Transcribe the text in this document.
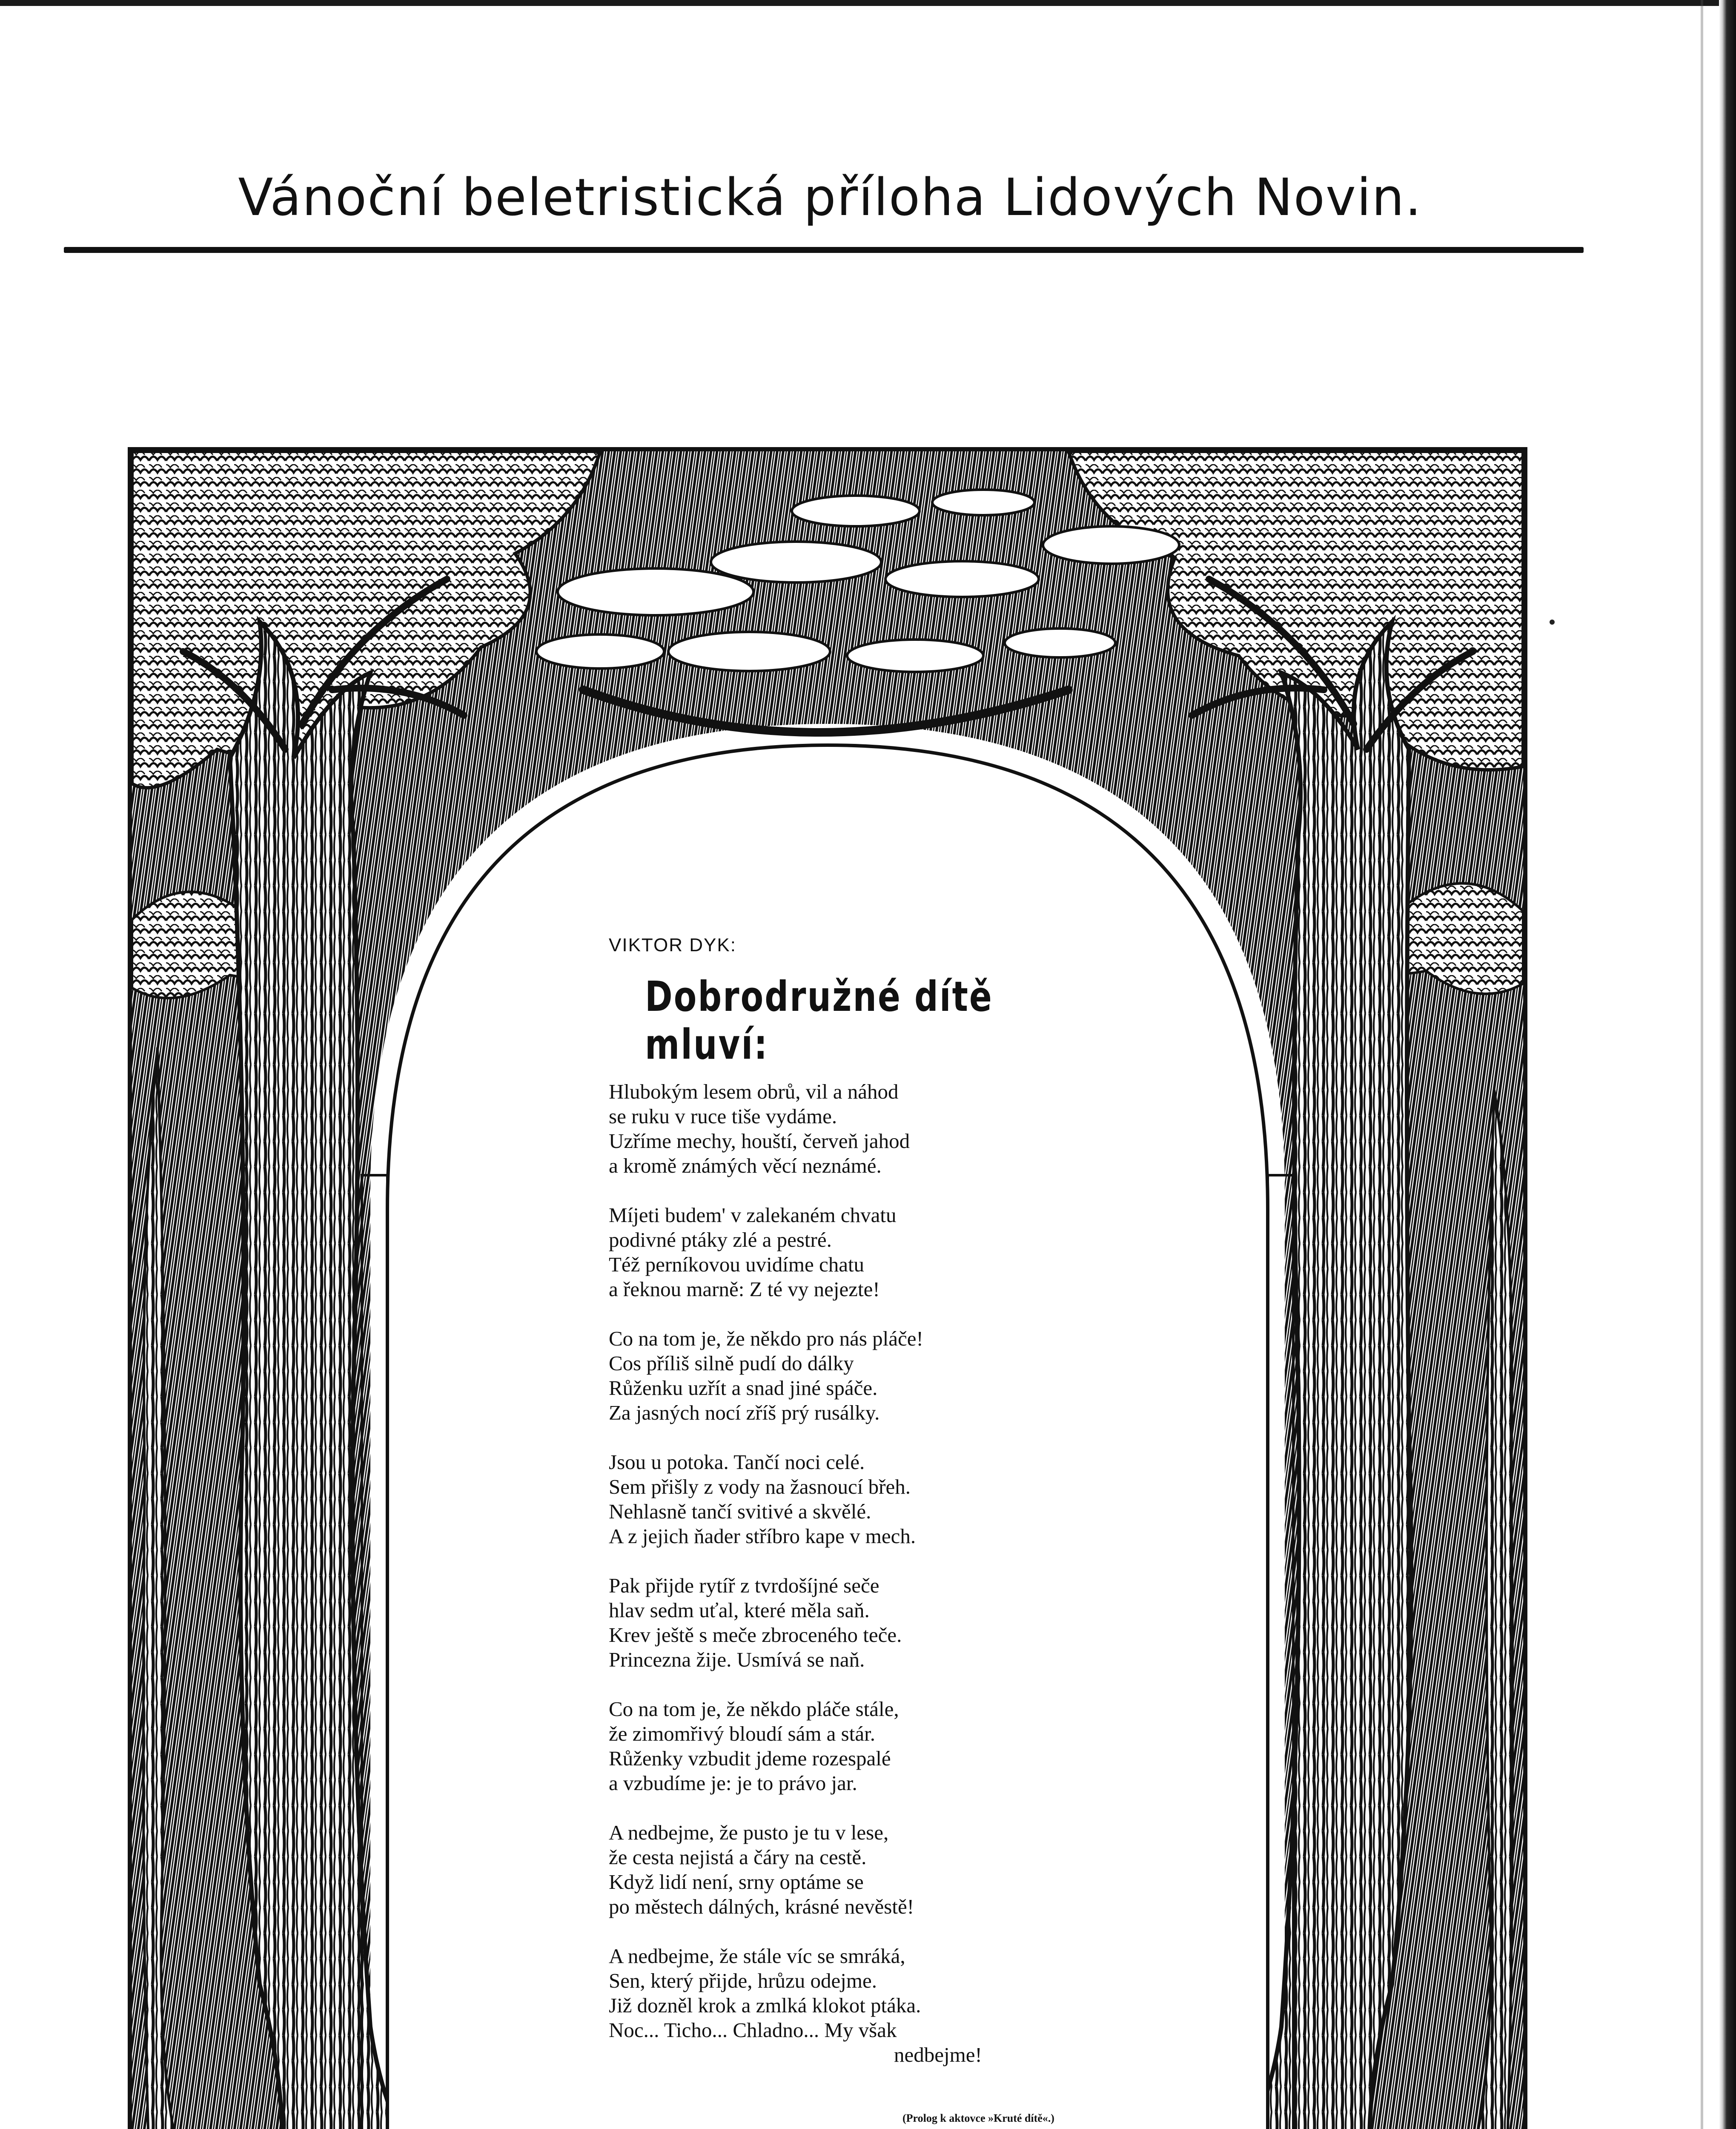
Vánoční beletristická příloha Lidových Novin.
VIKTOR DYK:
Dobrodružné dítě mluví:
Hlubokým lesem obrů, vil a náhod
se ruku v ruce tiše vydáme.
Uzříme mechy, houští, červeň jahod
a kromě známých věcí neznámé.
Míjeti budem' v zalekaném chvatu
podivné ptáky zlé a pestré.
Též perníkovou uvidíme chatu
a řeknou marně: Z té vy nejezte!
Co na tom je, že někdo pro nás pláče!
Cos příliš silně pudí do dálky
Růženku uzřít a snad jiné spáče.
Za jasných nocí zříš prý rusálky.
Jsou u potoka. Tančí noci celé.
Sem přišly z vody na žasnoucí břeh.
Nehlasně tančí svitivé a skvělé.
A z jejich ňader stříbro kape v mech.
Pak přijde rytíř z tvrdošíjné seče
hlav sedm uťal, které měla saň.
Krev ještě s meče zbroceného teče.
Princezna žije. Usmívá se naň.
Co na tom je, že někdo pláče stále,
že zimomřivý bloudí sám a stár.
Růženky vzbudit jdeme rozespalé
a vzbudíme je: je to právo jar.
A nedbejme, že pusto je tu v lese,
že cesta nejistá a čáry na cestě.
Když lidí není, srny optáme se
po městech dálných, krásné nevěstě!
A nedbejme, že stále víc se smráká,
Sen, který přijde, hrůzu odejme.
Již dozněl krok a zmlká klokot ptáka.
Noc... Ticho... Chladno... My však
nedbejme!
(Prolog k aktovce »Kruté dítě«.)
